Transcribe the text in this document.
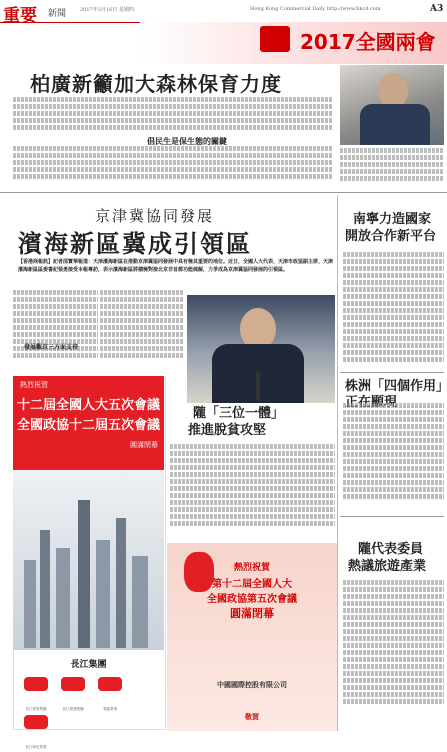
重要 新聞	2017年3月16日 星期四	Hong Kong Commercial Daily http://www.hkcd.com	A3
2017全國兩會
柏廣新籲加大森林保育力度
倡民生是保生態的關鍵
京津冀協同發展
濱海新區冀成引領區
【香港商報訊】記者邵寶華報道：天津濱海新區在推動京津冀協同發展中具有極其重要的地位。近日，全國人大代表、天津市政協副主席、天津濱海新區區委書記張勇接受本報專訪，表示濱海新區將積極對接北京非首都功能疏解，力爭成為京津冀協同發展的引領區。
發展觀京三方面支持
南寧力造國家
開放合作新平台
株洲「四個作用」
隴代表委員
熱議旅遊產業
隴「三位一體」
推進脫貧攻堅
熱烈祝賀
十二屆全國人大五次會議
全國政協十二屆五次會議
圓滿閉幕
長江集團

長江實業集團	長江基建集團	電能實業
長江和記實業
熱烈祝賀
第十二屆全國人大
全國政協第五次會議
圓滿閉幕
中國國際控股有限公司
敬賀
